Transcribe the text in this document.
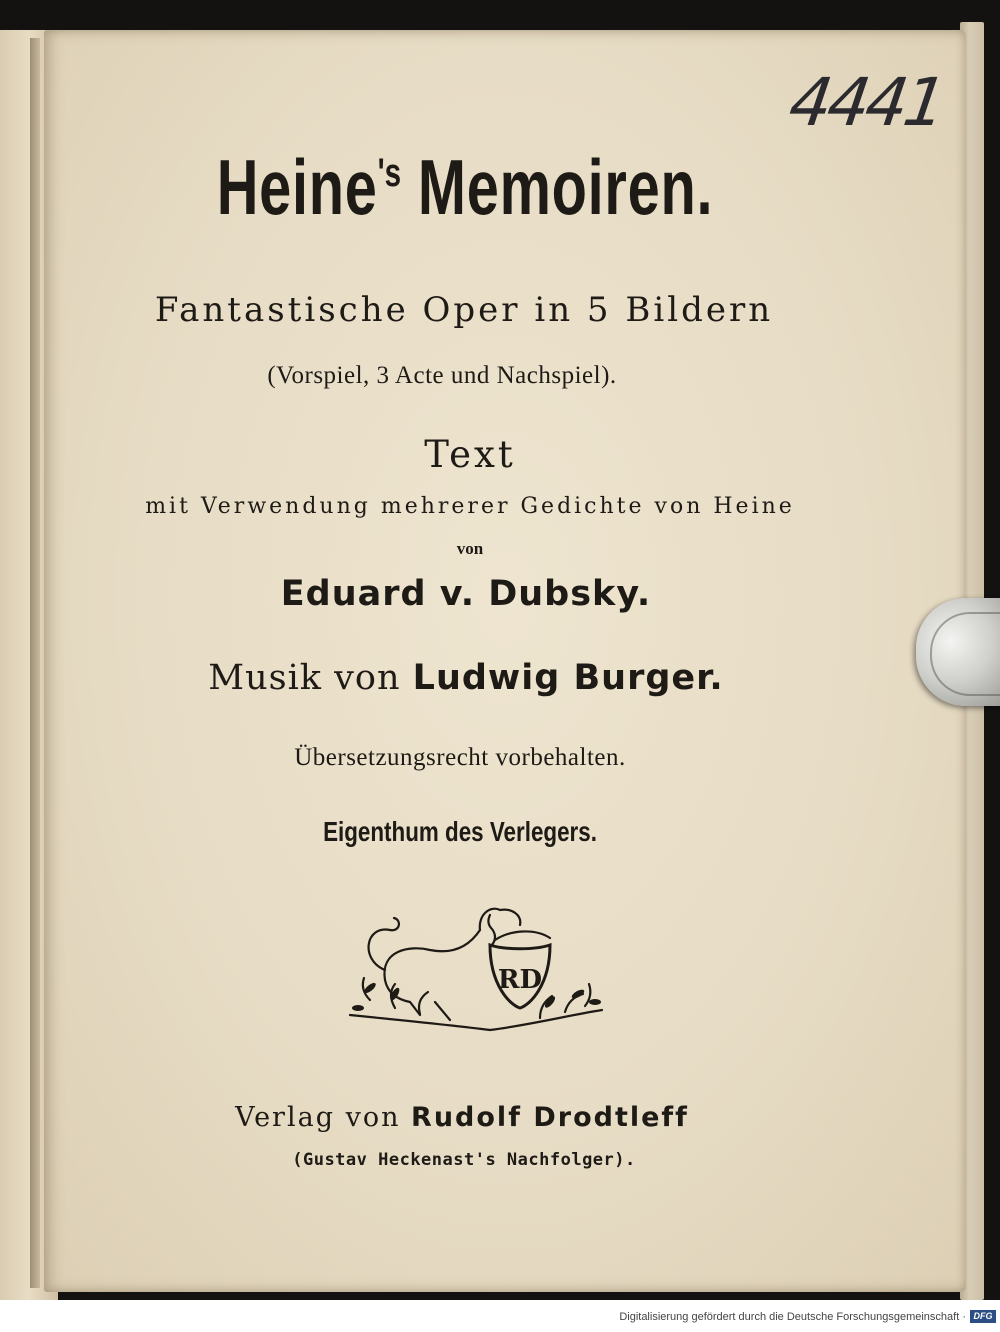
4441
Heine$^{'s}$ Memoiren.
Fantastische Oper in 5 Bildern
(Vorspiel, 3 Acte und Nachspiel).
Text
mit Verwendung mehrerer Gedichte von Heine
von
Eduard v. Dubsky.
Musik von Ludwig Burger.
Übersetzungsrecht vorbehalten.
Eigenthum des Verlegers.
RD
Verlag von Rudolf Drodtleff
(Gustav Heckenast's Nachfolger).
Digitalisierung gefördert durch die Deutsche Forschungsgemeinschaft · DFG
